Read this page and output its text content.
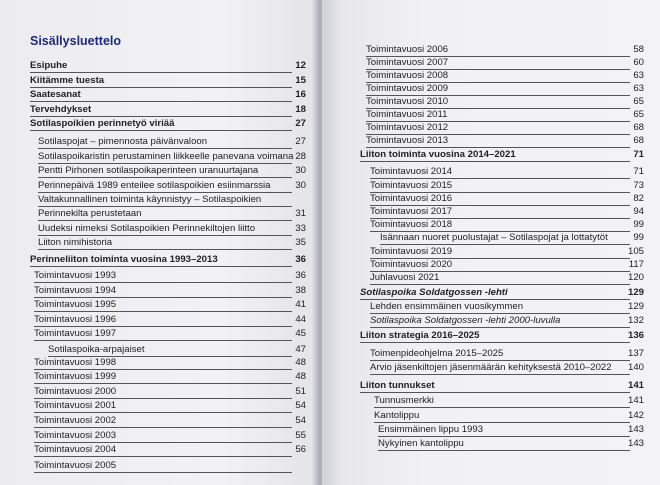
Sisällysluettelo
Esipuhe	12
Kiitämme tuesta	15
Saatesanat	16
Tervehdykset	18
Sotilaspoikien perinnetyö viriää	27
Sotilaspojat – pimennosta päivänvaloon	27
Sotilaspoikaristin perustaminen liikkeelle panevana voimana 28
Pentti Pirhonen sotilaspoikaperinteen uranuurtajana	30
Perinnepäivä 1989 enteilee sotilaspoikien esiinmarssia	30
Valtakunnallinen toiminta käynnistyy – Sotilaspoikien
Perinnekilta perustetaan	31
Uudeksi nimeksi Sotilaspoikien Perinnekiltojen liitto	33
Liiton nimihistoria	35
Perinneliiton toiminta vuosina 1993–2013	36
Toimintavuosi 1993	36
Toimintavuosi 1994	38
Toimintavuosi 1995	41
Toimintavuosi 1996	44
Toimintavuosi 1997	45
Sotilaspoika-arpajaiset	47
Toimintavuosi 1998	48
Toimintavuosi 1999	48
Toimintavuosi 2000	51
Toimintavuosi 2001	54
Toimintavuosi 2002	54
Toimintavuosi 2003	55
Toimintavuosi 2004	56
Toimintavuosi 2005
Toimintavuosi 2006	58
Toimintavuosi 2007	60
Toimintavuosi 2008	63
Toimintavuosi 2009	63
Toimintavuosi 2010	65
Toimintavuosi 2011	65
Toimintavuosi 2012	68
Toimintavuosi 2013	68
Liiton toiminta vuosina 2014–2021	71
Toimintavuosi 2014	71
Toimintavuosi 2015	73
Toimintavuosi 2016	82
Toimintavuosi 2017	94
Toimintavuosi 2018	99
Isännaan nuoret puolustajat – Sotilaspojat ja lottatytöt	99
Toimintavuosi 2019	105
Toimintavuosi 2020	117
Juhlavuosi 2021	120
Sotilaspoika Soldatgossen -lehti	129
Lehden ensimmäinen vuosikymmen	129
Sotilaspoika Soldatgossen -lehti 2000-luvulla	132
Liiton strategia 2016–2025	136
Toimenpideohjelma 2015–2025	137
Arvio jäsenkiltojen jäsenmäärän kehityksestä 2010–2022 140
Liiton tunnukset	141
Tunnusmerkki	141
Kantolippu	142
Ensimmäinen lippu 1993	143
Nykyinen kantolippu	143
